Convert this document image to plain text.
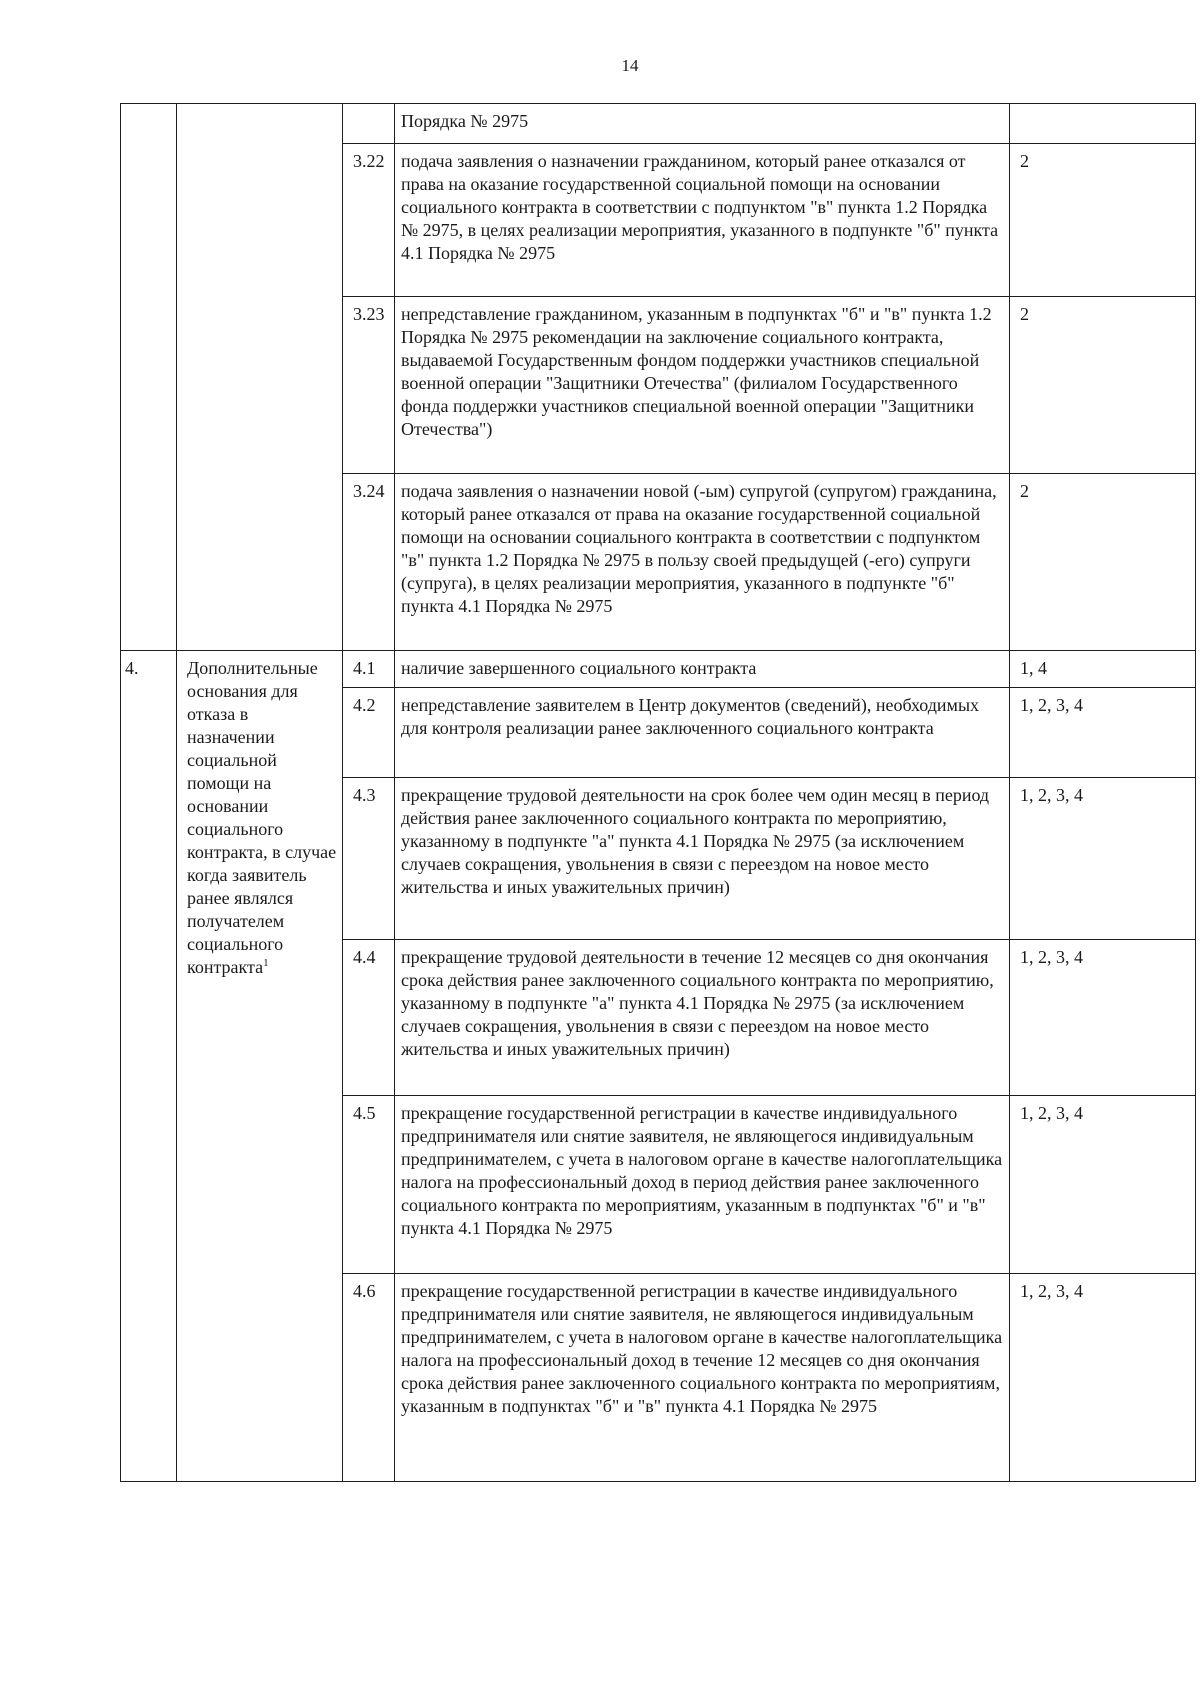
14
			Порядка № 2975	
		3.22	подача заявления о назначении гражданином, который ранее отказался от права на оказание государственной социальной помощи на основании социального контракта в соответствии с подпунктом "в" пункта 1.2 Порядка № 2975, в целях реализации мероприятия, указанного в подпункте "б" пункта 4.1 Порядка № 2975	2
		3.23	непредставление гражданином, указанным в подпунктах "б" и "в" пункта 1.2 Порядка № 2975 рекомендации на заключение социального контракта, выдаваемой Государственным фондом поддержки участников специальной военной операции "Защитники Отечества" (филиалом Государственного фонда поддержки участников специальной военной операции "Защитники Отечества")	2
		3.24	подача заявления о назначении новой (-ым) супругой (супругом) гражданина, который ранее отказался от права на оказание государственной социальной помощи на основании социального контракта в соответствии с подпунктом "в" пункта 1.2 Порядка № 2975 в пользу своей предыдущей (-его) супруги (супруга), в целях реализации мероприятия, указанного в подпункте "б" пункта 4.1 Порядка № 2975	2
4.	Дополнительные основания для отказа в назначении социальной помощи на основании социального контракта, в случае когда заявитель ранее являлся получателем социального контракта$^1$	4.1	наличие завершенного социального контракта	1, 4
		4.2	непредставление заявителем в Центр документов (сведений), необходимых для контроля реализации ранее заключенного социального контракта	1, 2, 3, 4
		4.3	прекращение трудовой деятельности на срок более чем один месяц в период действия ранее заключенного социального контракта по мероприятию, указанному в подпункте "а" пункта 4.1 Порядка № 2975 (за исключением случаев сокращения, увольнения в связи с переездом на новое место жительства и иных уважительных причин)	1, 2, 3, 4
		4.4	прекращение трудовой деятельности в течение 12 месяцев со дня окончания срока действия ранее заключенного социального контракта по мероприятию, указанному в подпункте "а" пункта 4.1 Порядка № 2975 (за исключением случаев сокращения, увольнения в связи с переездом на новое место жительства и иных уважительных причин)	1, 2, 3, 4
		4.5	прекращение государственной регистрации в качестве индивидуального предпринимателя или снятие заявителя, не являющегося индивидуальным предпринимателем, с учета в налоговом органе в качестве налогоплательщика налога на профессиональный доход в период действия ранее заключенного социального контракта по мероприятиям, указанным в подпунктах "б" и "в" пункта 4.1 Порядка № 2975	1, 2, 3, 4
		4.6	прекращение государственной регистрации в качестве индивидуального предпринимателя или снятие заявителя, не являющегося индивидуальным предпринимателем, с учета в налоговом органе в качестве налогоплательщика налога на профессиональный доход в течение 12 месяцев со дня окончания срока действия ранее заключенного социального контракта по мероприятиям, указанным в подпунктах "б" и "в" пункта 4.1 Порядка № 2975	1, 2, 3, 4
